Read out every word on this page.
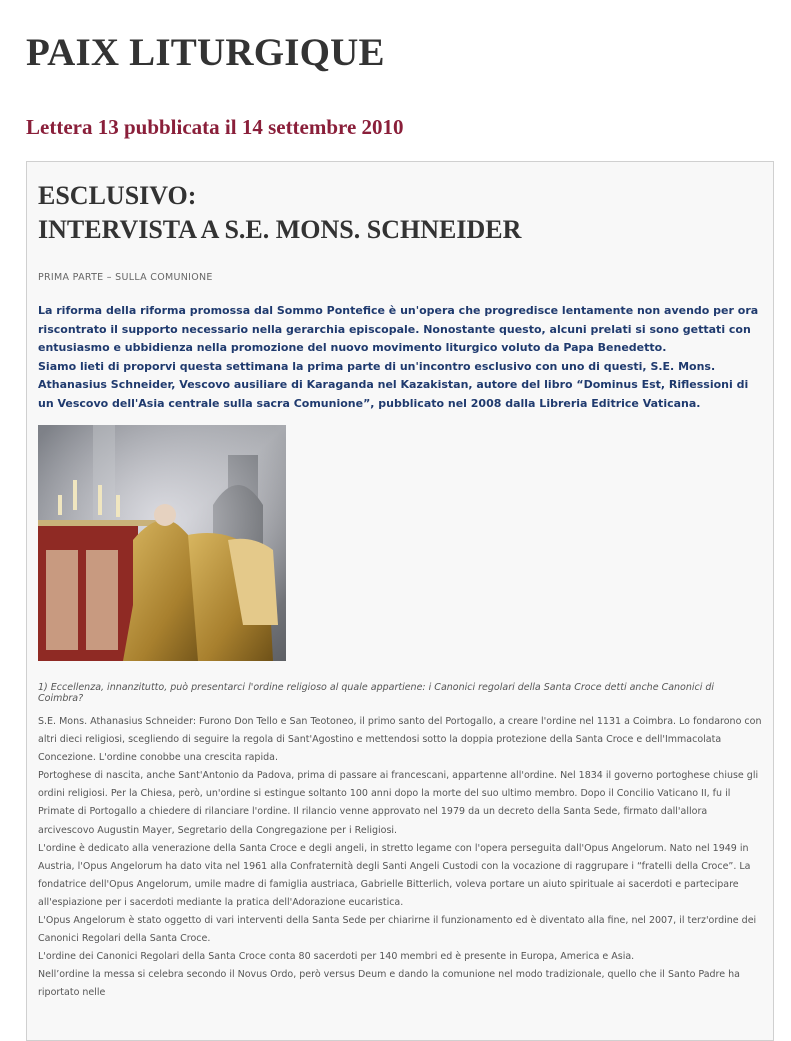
PAIX LITURGIQUE
Lettera 13 pubblicata il 14 settembre 2010
ESCLUSIVO:
INTERVISTA A S.E. MONS. SCHNEIDER
PRIMA PARTE – SULLA COMUNIONE

La riforma della riforma promossa dal Sommo Pontefice è un'opera che progredisce lentamente non avendo per ora riscontrato il supporto necessario nella gerarchia episcopale. Nonostante questo, alcuni prelati si sono gettati con entusiasmo e ubbidienza nella promozione del nuovo movimento liturgico voluto da Papa Benedetto.

Siamo lieti di proporvi questa settimana la prima parte di un'incontro esclusivo con uno di questi, S.E. Mons. Athanasius Schneider, Vescovo ausiliare di Karaganda nel Kazakistan, autore del libro “Dominus Est, Riflessioni di un Vescovo dell'Asia centrale sulla sacra Comunione”, pubblicato nel 2008 dalla Libreria Editrice Vaticana.

1) Eccellenza, innanzitutto, può presentarci l'ordine religioso al quale appartiene: i Canonici regolari della Santa Croce detti anche Canonici di Coimbra?

S.E. Mons. Athanasius Schneider: Furono Don Tello e San Teotoneo, il primo santo del Portogallo, a creare l'ordine nel 1131 a Coimbra. Lo fondarono con altri dieci religiosi, scegliendo di seguire la regola di Sant'Agostino e mettendosi sotto la doppia protezione della Santa Croce e dell'Immacolata Concezione. L'ordine conobbe una crescita rapida.

Portoghese di nascita, anche Sant'Antonio da Padova, prima di passare ai francescani, appartenne all'ordine. Nel 1834 il governo portoghese chiuse gli ordini religiosi. Per la Chiesa, però, un'ordine si estingue soltanto 100 anni dopo la morte del suo ultimo membro. Dopo il Concilio Vaticano II, fu il Primate di Portogallo a chiedere di rilanciare l'ordine. Il rilancio venne approvato nel 1979 da un decreto della Santa Sede, firmato dall'allora arcivescovo Augustin Mayer, Segretario della Congregazione per i Religiosi.

L'ordine è dedicato alla venerazione della Santa Croce e degli angeli, in stretto legame con l'opera perseguita dall'Opus Angelorum. Nato nel 1949 in Austria, l'Opus Angelorum ha dato vita nel 1961 alla Confraternità degli Santi Angeli Custodi con la vocazione di raggrupare i “fratelli della Croce”. La fondatrice dell'Opus Angelorum, umile madre di famiglia austriaca, Gabrielle Bitterlich, voleva portare un aiuto spirituale ai sacerdoti e partecipare all'espiazione per i sacerdoti mediante la pratica dell'Adorazione eucaristica.

L'Opus Angelorum è stato oggetto di vari interventi della Santa Sede per chiarirne il funzionamento ed è diventato alla fine, nel 2007, il terz'ordine dei Canonici Regolari della Santa Croce.

L'ordine dei Canonici Regolari della Santa Croce conta 80 sacerdoti per 140 membri ed è presente in Europa, America e Asia.

Nell’ordine la messa si celebra secondo il Novus Ordo, però versus Deum e dando la comunione nel modo tradizionale, quello che il Santo Padre ha riportato nelle
